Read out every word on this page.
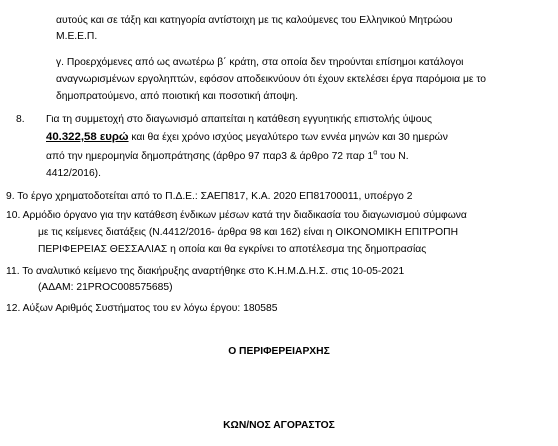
αυτούς και σε τάξη και κατηγορία αντίστοιχη με τις καλούμενες του Ελληνικού Μητρώου
Μ.Ε.Ε.Π.
γ. Προερχόμενες από ως ανωτέρω β΄ κράτη, στα οποία δεν τηρούνται επίσημοι κατάλογοι
αναγνωρισμένων εργοληπτών, εφόσον αποδεικνύουν ότι έχουν εκτελέσει έργα παρόμοια με το
δημοπρατούμενο, από ποιοτική και ποσοτική άποψη.
8. Για τη συμμετοχή στο διαγωνισμό απαιτείται η κατάθεση εγγυητικής επιστολής ύψους
40.322,58 ευρώ και θα έχει χρόνο ισχύος μεγαλύτερο των εννέα μηνών και 30 ημερών
από την ημερομηνία δημοπράτησης (άρθρο 97 παρ3 & άρθρο 72 παρ $1^\alpha$ του Ν.
4412/2016).
9. Το έργο χρηματοδοτείται από το Π.Δ.Ε.: ΣΑΕΠ817, Κ.Α. 2020 ΕΠ81700011, υποέργο 2
10. Αρμόδιο όργανο για την κατάθεση ένδικων μέσων κατά την διαδικασία του διαγωνισμού σύμφωνα
με τις κείμενες διατάξεις (Ν.4412/2016- άρθρα 98 και 162) είναι η ΟΙΚΟΝΟΜΙΚΗ ΕΠΙΤΡΟΠΗ
ΠΕΡΙΦΕΡΕΙΑΣ ΘΕΣΣΑΛΙΑΣ η οποία και θα εγκρίνει το αποτέλεσμα της δημοπρασίας
11. Το αναλυτικό κείμενο της διακήρυξης αναρτήθηκε στο Κ.Η.Μ.Δ.Η.Σ. στις 10-05-2021
(ΑΔΑΜ: 21PROC008575685)
12. Αύξων Αριθμός Συστήματος του εν λόγω έργου: 180585
Ο ΠΕΡΙΦΕΡΕΙΑΡΧΗΣ
ΚΩΝ/ΝΟΣ ΑΓΟΡΑΣΤΟΣ
